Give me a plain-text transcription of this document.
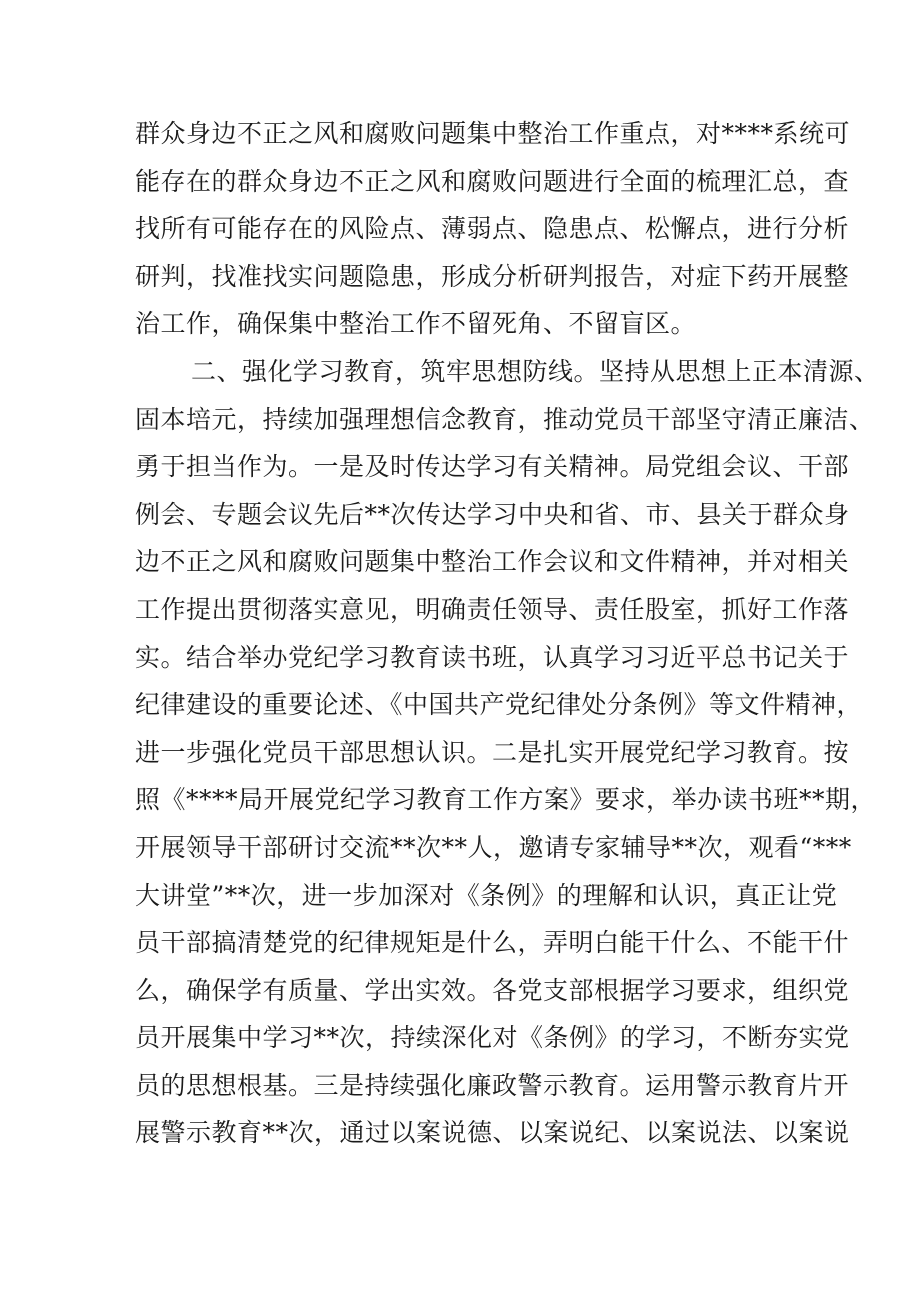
群众身边不正之风和腐败问题集中整治工作重点，对****系统可
能存在的群众身边不正之风和腐败问题进行全面的梳理汇总，查
找所有可能存在的风险点、薄弱点、隐患点、松懈点，进行分析
研判，找准找实问题隐患，形成分析研判报告，对症下药开展整
治工作，确保集中整治工作不留死角、不留盲区。
二、强化学习教育，筑牢思想防线。坚持从思想上正本清源、
固本培元，持续加强理想信念教育，推动党员干部坚守清正廉洁、
勇于担当作为。一是及时传达学习有关精神。局党组会议、干部
例会、专题会议先后**次传达学习中央和省、市、县关于群众身
边不正之风和腐败问题集中整治工作会议和文件精神，并对相关
工作提出贯彻落实意见，明确责任领导、责任股室，抓好工作落
实。结合举办党纪学习教育读书班，认真学习习近平总书记关于
纪律建设的重要论述、《中国共产党纪律处分条例》等文件精神，
进一步强化党员干部思想认识。二是扎实开展党纪学习教育。按
照《****局开展党纪学习教育工作方案》要求，举办读书班**期，
开展领导干部研讨交流**次**人，邀请专家辅导**次，观看“***
大讲堂”**次，进一步加深对《条例》的理解和认识，真正让党
员干部搞清楚党的纪律规矩是什么，弄明白能干什么、不能干什
么，确保学有质量、学出实效。各党支部根据学习要求，组织党
员开展集中学习**次，持续深化对《条例》的学习，不断夯实党
员的思想根基。三是持续强化廉政警示教育。运用警示教育片开
展警示教育**次，通过以案说德、以案说纪、以案说法、以案说
